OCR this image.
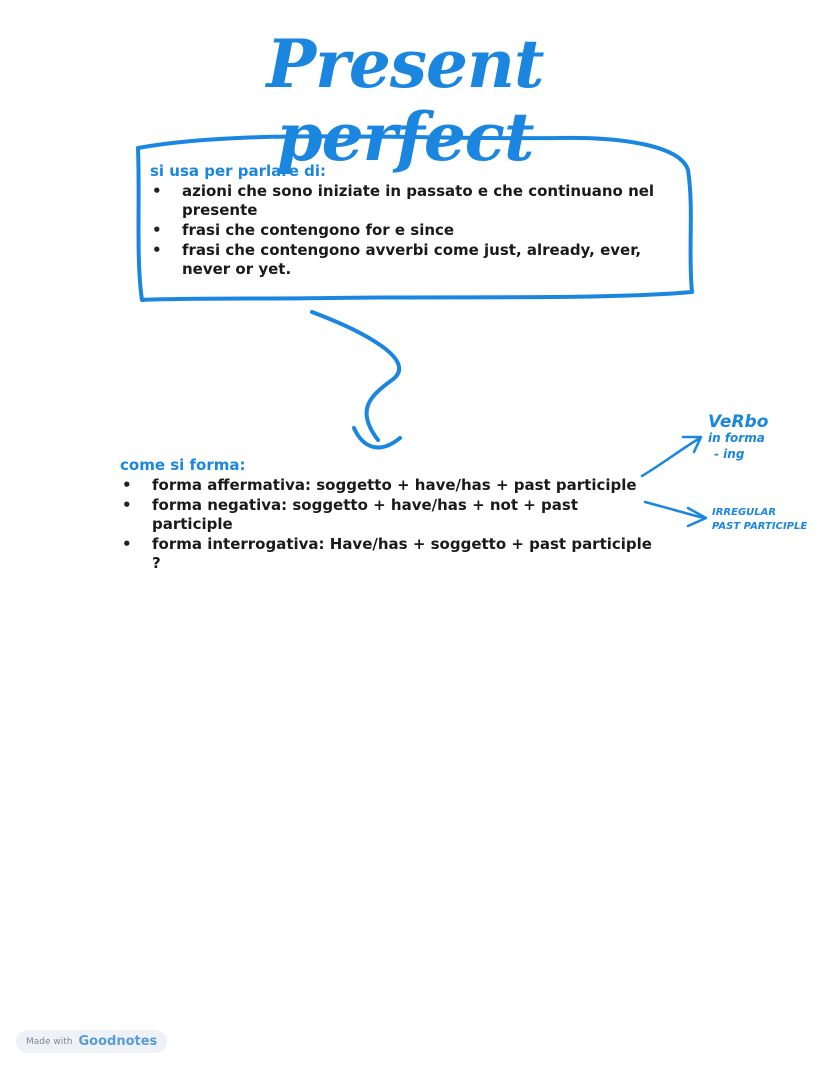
Present perfect
si usa per parlare di:
• azioni che sono iniziate in passato e che continuano nel presente
• frasi che contengono for e since
• frasi che contengono avverbi come just, already, ever, never or yet.
come si forma:
• forma affermativa: soggetto + have/has + past participle
• forma negativa: soggetto + have/has + not + past participle
• forma interrogativa: Have/has + soggetto + past participle ?
VeRbo
in forma
- ing
IRREGULAR
PAST PARTICIPLE
Made with Goodnotes
